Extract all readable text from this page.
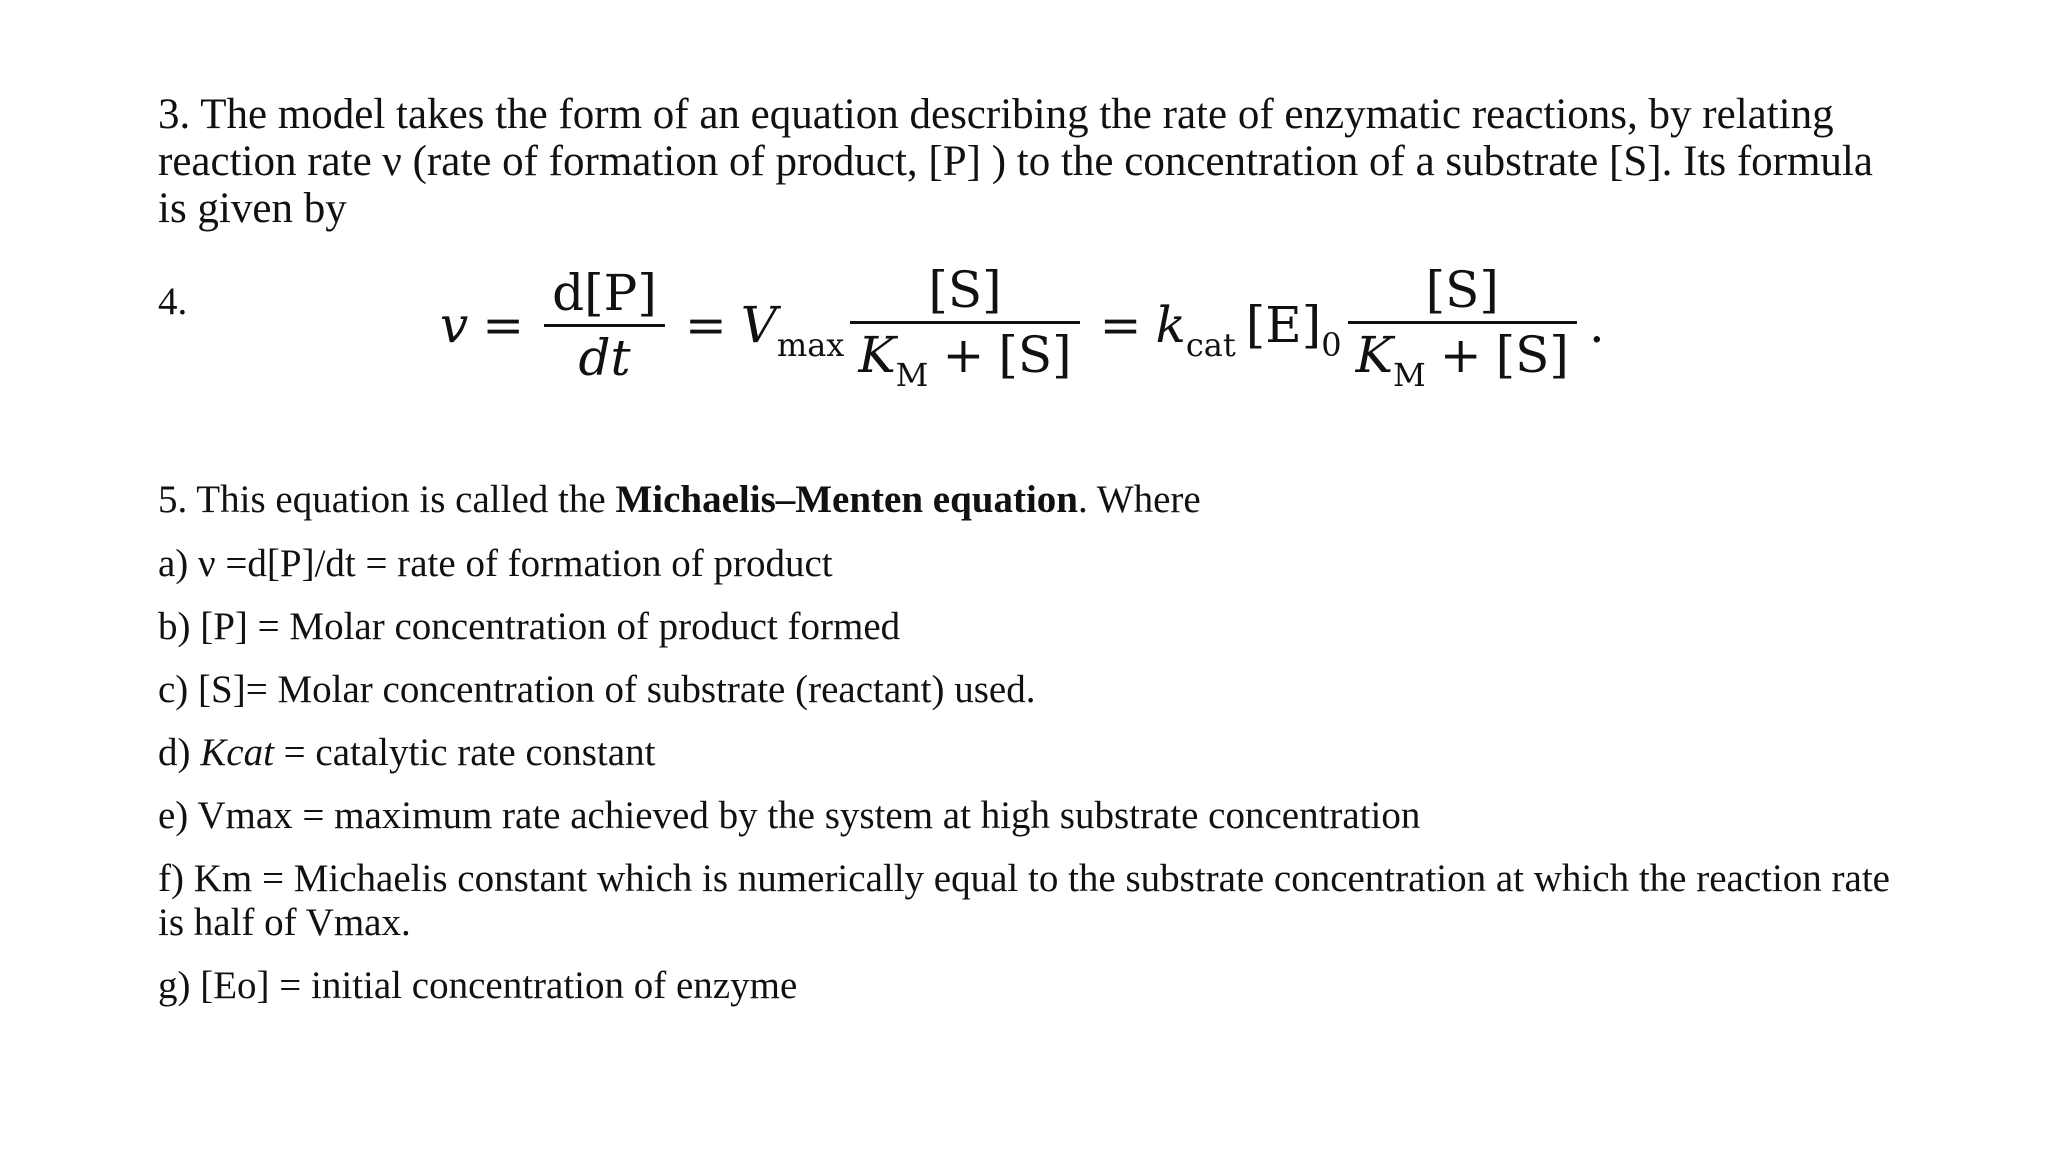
3. The model takes the form of an equation describing the rate of enzymatic reactions, by relating reaction rate ν (rate of formation of product, [P] ) to the concentration of a substrate [S]. Its formula is given by

4.	$v = \frac{d[P]}{dt} = V_{max} \frac{[S]}{K_M + [S]} = k_{cat}$ $[E]_0 \frac{[S]}{K_M + [S]}$ .

5. This equation is called the Michaelis–Menten equation. Where

a) ν =d[P]/dt = rate of formation of product

b) [P] = Molar concentration of product formed

c) [S]= Molar concentration of substrate (reactant) used.

d) Kcat = catalytic rate constant

e) Vmax = maximum rate achieved by the system at high substrate concentration

f) Km = Michaelis constant which is numerically equal to the substrate concentration at which the reaction rate is half of Vmax.

g) [Eo] = initial concentration of enzyme
